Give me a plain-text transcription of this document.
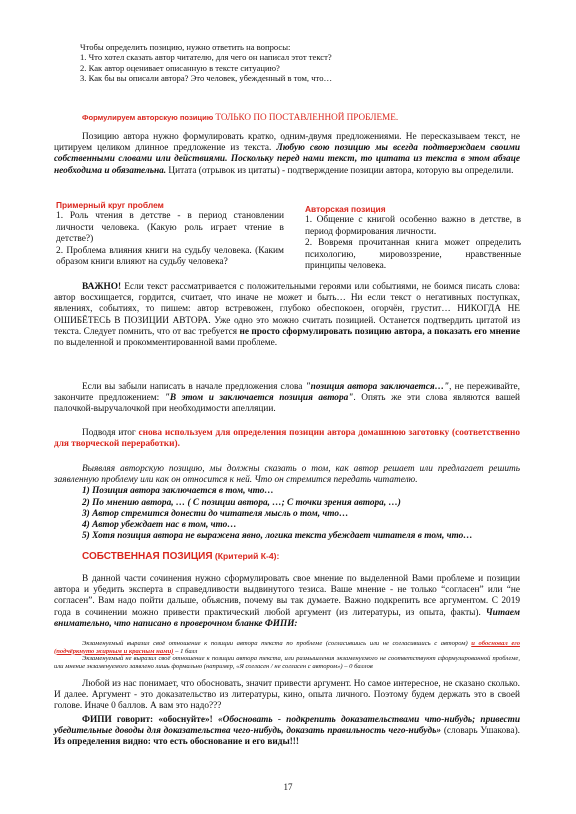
Чтобы определить позицию, нужно ответить на вопросы:

1. Что хотел сказать автор читателю, для чего он написал этот текст?

2. Как автор оценивает описанную в тексте ситуацию?

3. Как бы вы описали автора? Это человек, убежденный в том, что…

Формулируем авторскую позицию ТОЛЬКО ПО ПОСТАВЛЕННОЙ ПРОБЛЕМЕ.
Позицию автора нужно формулировать кратко, одним-двумя предложениями. Не пересказываем текст, не цитируем целиком длинное предложение из текста. Любую свою позицию мы всегда подтверждаем своими собственными словами или действиями. Поскольку перед нами текст, то цитата из текста в этом абзаце необходима и обязательна. Цитата (отрывок из цитаты) - подтверждение позиции автора, которую вы определили.

Примерный круг проблем

1. Роль чтения в детстве - в период становлении личности человека. (Какую роль играет чтение в детстве?)

2. Проблема влияния книги на судьбу человека. (Каким образом книги влияют на судьбу человека?

Авторская позиция

1. Общение с книгой особенно важно в детстве, в период формирования личности.

2. Вовремя прочитанная книга может определить психологию, мировоззрение, нравственные принципы человека.

ВАЖНО! Если текст рассматривается с положительными героями или событиями, не боимся писать слова: автор восхищается, гордится, считает, что иначе не может и быть… Ни если текст о негативных поступках, явлениях, событиях, то пишем: автор встревожен, глубоко обеспокоен, огорчён, грустит… НИКОГДА НЕ ОШИБЁТЕСЬ В ПОЗИЦИИ АВТОРА. Уже одно это можно считать позицией. Останется подтвердить цитатой из текста. Следует помнить, что от вас требуется не просто сформулировать позицию автора, а показать его мнение по выделенной и прокомментированной вами проблеме.
Если вы забыли написать в начале предложения слова "позиция автора заключается…", не переживайте, закончите предложением: "В этом и заключается позиция автора". Опять же эти слова являются вашей палочкой-выручалочкой при необходимости апелляции.
Подводя итог снова используем для определения позиции автора домашнюю заготовку (соответственно для творческой переработки).

Выявляя авторскую позицию, мы должны сказать о том, как автор решает или предлагает решить заявленную проблему или как он относится к ней. Что он стремится передать читателю.

1) Позиция автора заключается в том, что…

2) По мнению автора, … ( С позиции автора, …; С точки зрения автора, …)

3) Автор стремится донести до читателя мысль о том, что…

4) Автор убеждает нас в том, что…

5) Хотя позиция автора не выражена явно, логика текста убеждает читателя в том, что…

СОБСТВЕННАЯ ПОЗИЦИЯ (Критерий К-4):
В данной части сочинения нужно сформулировать свое мнение по выделенной Вами проблеме и позиции автора и убедить эксперта в справедливости выдвинутого тезиса. Ваше мнение - не только “согласен” или “не согласен”. Вам надо пойти дальше, объяснив, почему вы так думаете. Важно подкрепить все аргументом. С 2019 года в сочинении можно привести практический любой аргумент (из литературы, из опыта, факты). Читаем внимательно, что написано в проверочном бланке ФИПИ:

Экзаменуемый выразил своё отношение к позиции автора текста по проблеме (согласившись или не согласившись с автором) и обосновал его (подчёркнуто жирным и красным нами) – 1 балл

Экзаменуемый не выразил своё отношение к позиции автора текста, или размышления экзаменуемого не соответствуют сформулированной проблеме, или мнение экзаменуемого заявлено лишь формально (например, «Я согласен / не согласен с автором») – 0 баллов

Любой из нас понимает, что обосновать, значит привести аргумент. Но самое интересное, не сказано сколько. И далее. Аргумент - это доказательство из литературы, кино, опыта личного. Поэтому будем держать это в своей голове. Иначе 0 баллов. А вам это надо???
ФИПИ говорит: «обоснуйте»! «Обосновать - подкрепить доказательствами что-нибудь; привести убедительные доводы для доказательства чего-нибудь, доказать правильность чего-нибудь» (словарь Ушакова). Из определения видно: что есть обоснование и его виды!!!
17
